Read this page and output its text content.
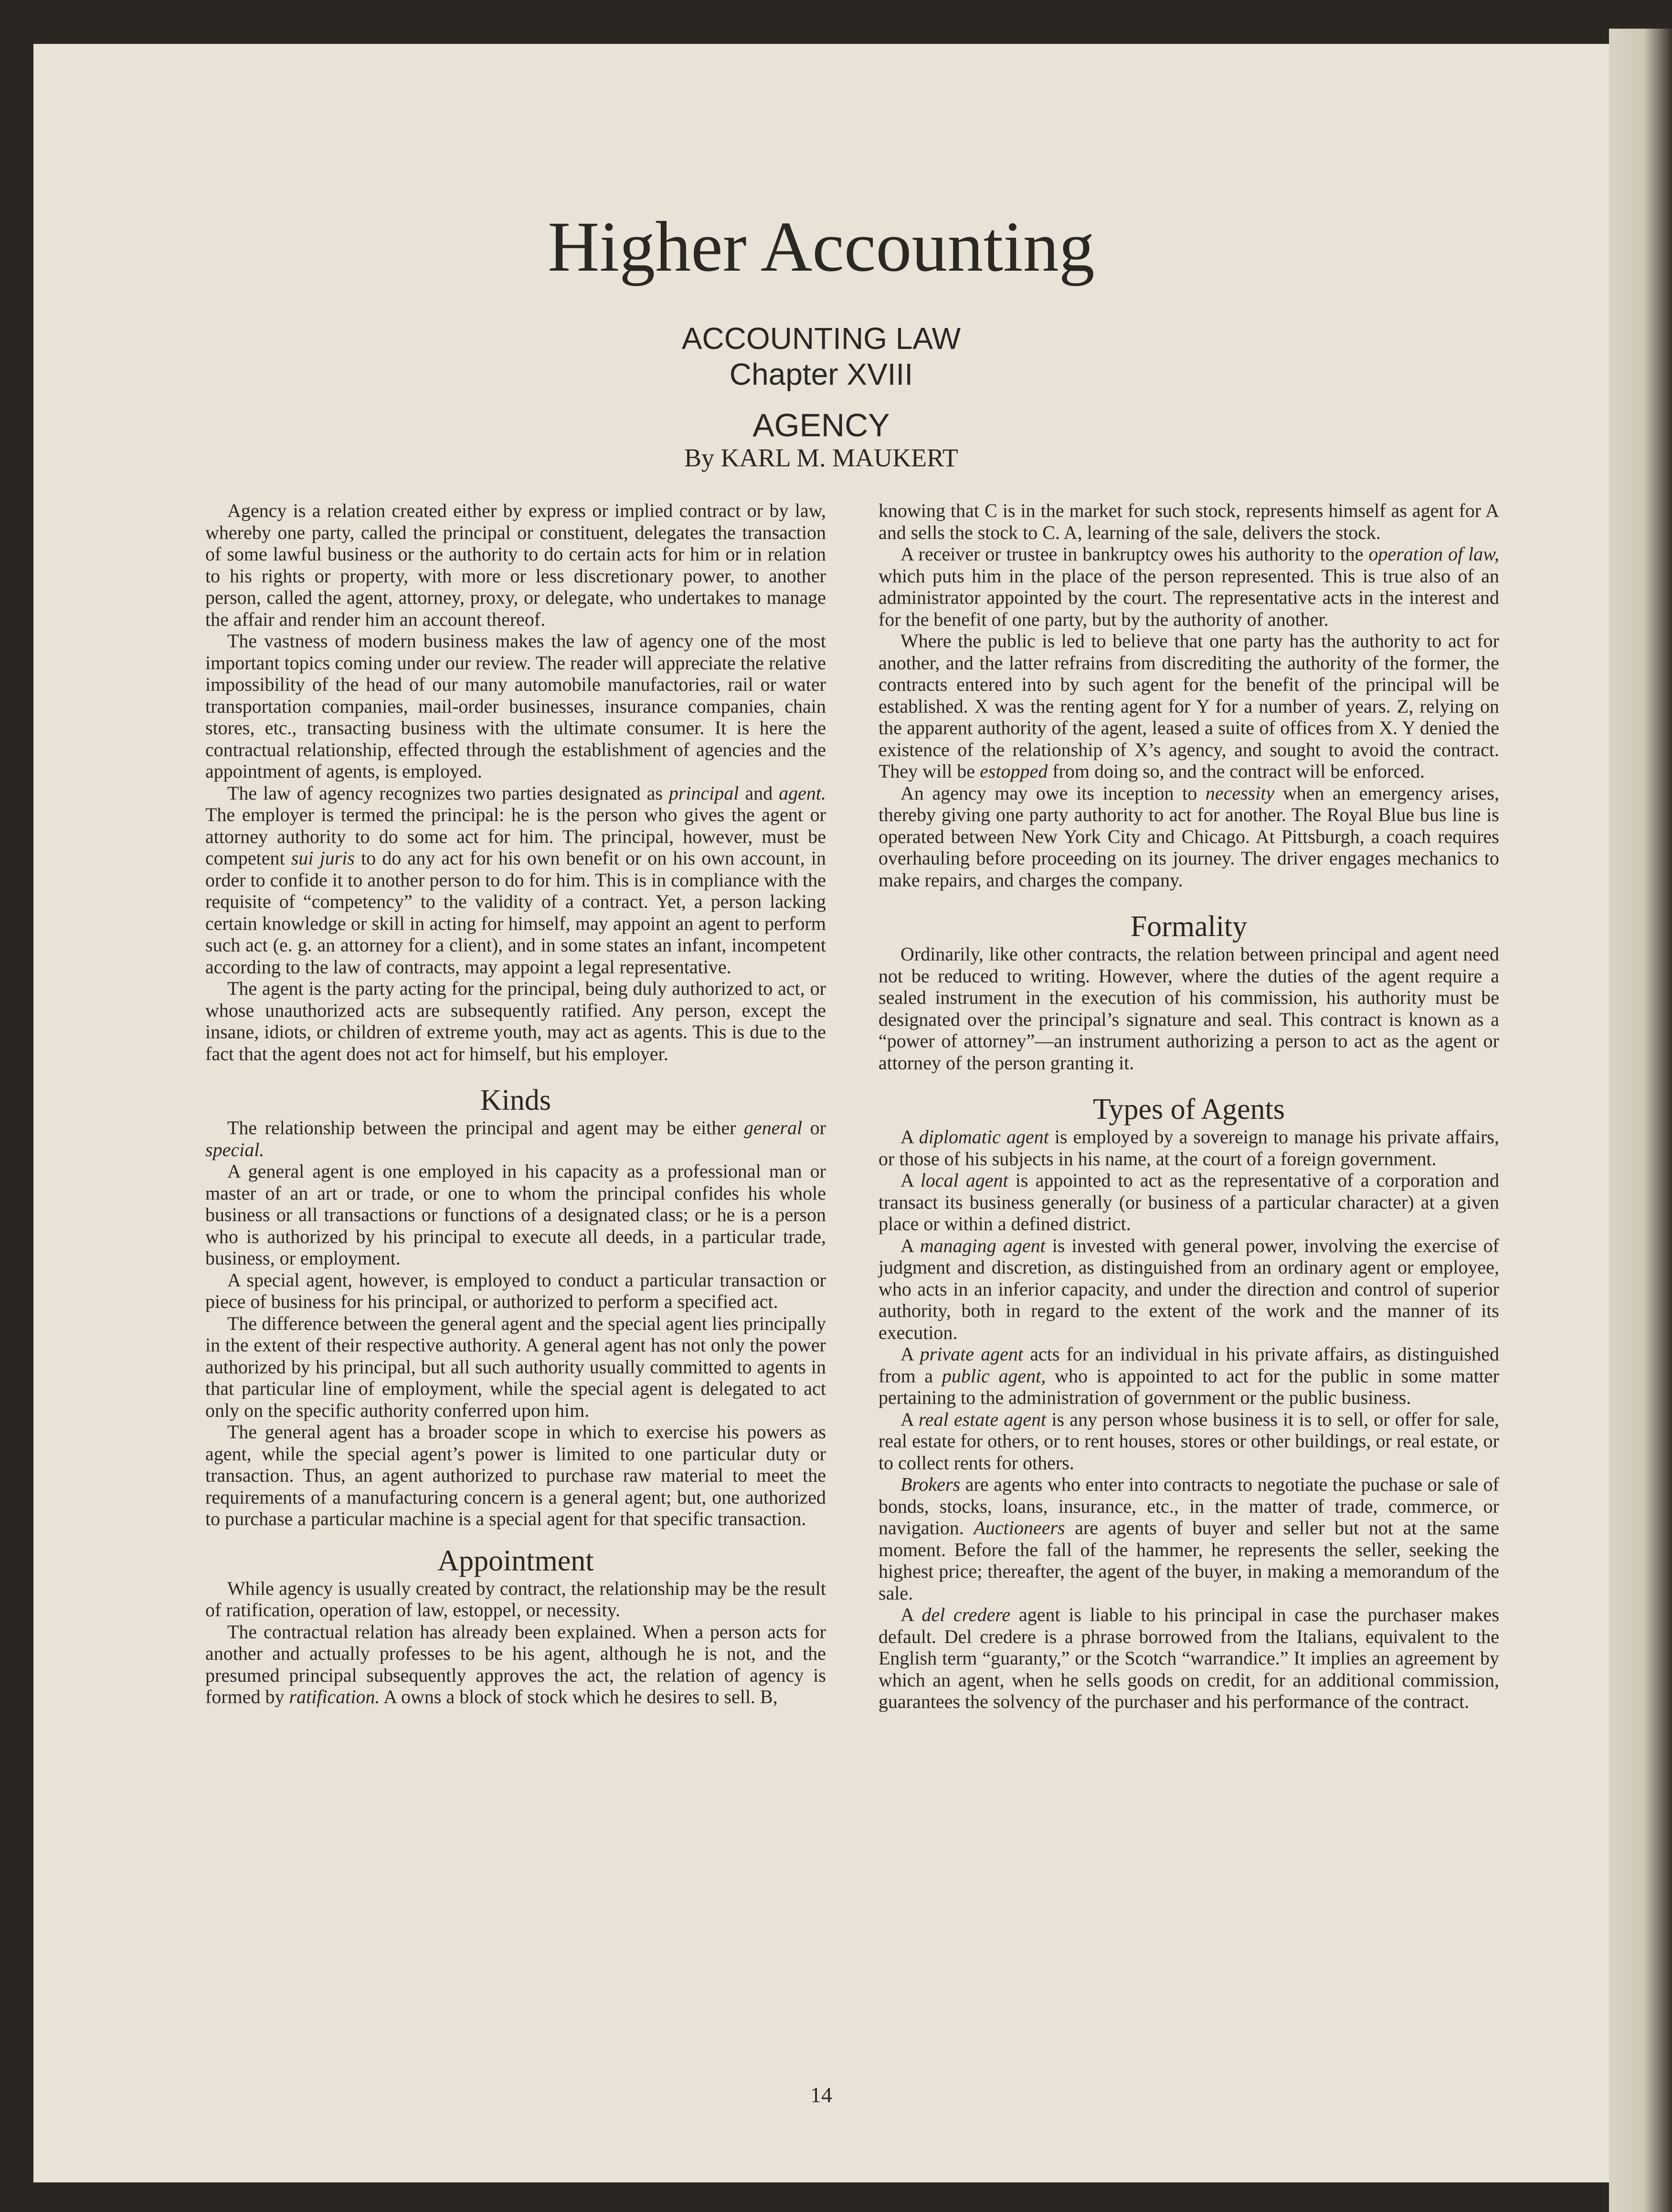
Higher Accounting
ACCOUNTING LAW
Chapter XVIII
AGENCY
By KARL M. MAUKERT

Agency is a relation created either by express or implied contract or by law, whereby one party, called the principal or constituent, delegates the transaction of some lawful business or the authority to do certain acts for him or in relation to his rights or property, with more or less discretionary power, to another person, called the agent, attorney, proxy, or delegate, who undertakes to manage the affair and render him an account thereof.

The vastness of modern business makes the law of agency one of the most important topics coming under our review. The reader will appreciate the relative impossibility of the head of our many automobile manufactories, rail or water transportation companies, mail-order businesses, insurance companies, chain stores, etc., transacting business with the ultimate consumer. It is here the contractual relationship, effected through the establishment of agencies and the appointment of agents, is employed.

The law of agency recognizes two parties designated as principal and agent. The employer is termed the principal: he is the person who gives the agent or attorney authority to do some act for him. The principal, however, must be competent sui juris to do any act for his own benefit or on his own account, in order to confide it to another person to do for him. This is in compliance with the requisite of “competency” to the validity of a contract. Yet, a person lacking certain knowledge or skill in acting for himself, may appoint an agent to perform such act (e. g. an attorney for a client), and in some states an infant, incompetent according to the law of contracts, may appoint a legal representative.

The agent is the party acting for the principal, being duly authorized to act, or whose unauthorized acts are subsequently ratified. Any person, except the insane, idiots, or children of extreme youth, may act as agents. This is due to the fact that the agent does not act for himself, but his employer.

Kinds

The relationship between the principal and agent may be either general or special.

A general agent is one employed in his capacity as a professional man or master of an art or trade, or one to whom the principal confides his whole business or all transactions or functions of a designated class; or he is a person who is authorized by his principal to execute all deeds, in a particular trade, business, or employment.

A special agent, however, is employed to conduct a particular transaction or piece of business for his principal, or authorized to perform a specified act.

The difference between the general agent and the special agent lies principally in the extent of their respective authority. A general agent has not only the power authorized by his principal, but all such authority usually committed to agents in that particular line of employment, while the special agent is delegated to act only on the specific authority conferred upon him.

The general agent has a broader scope in which to exercise his powers as agent, while the special agent’s power is limited to one particular duty or transaction. Thus, an agent authorized to purchase raw material to meet the requirements of a manufacturing concern is a general agent; but, one authorized to purchase a particular machine is a special agent for that specific transaction.

Appointment

While agency is usually created by contract, the relationship may be the result of ratification, operation of law, estoppel, or necessity.

The contractual relation has already been explained. When a person acts for another and actually professes to be his agent, although he is not, and the presumed principal subsequently approves the act, the relation of agency is formed by ratification. A owns a block of stock which he desires to sell. B,

knowing that C is in the market for such stock, represents himself as agent for A and sells the stock to C. A, learning of the sale, delivers the stock.

A receiver or trustee in bankruptcy owes his authority to the operation of law, which puts him in the place of the person represented. This is true also of an administrator appointed by the court. The representative acts in the interest and for the benefit of one party, but by the authority of another.

Where the public is led to believe that one party has the authority to act for another, and the latter refrains from discrediting the authority of the former, the contracts entered into by such agent for the benefit of the principal will be established. X was the renting agent for Y for a number of years. Z, relying on the apparent authority of the agent, leased a suite of offices from X. Y denied the existence of the relationship of X’s agency, and sought to avoid the contract. They will be estopped from doing so, and the contract will be enforced.

An agency may owe its inception to necessity when an emergency arises, thereby giving one party authority to act for another. The Royal Blue bus line is operated between New York City and Chicago. At Pittsburgh, a coach requires overhauling before proceeding on its journey. The driver engages mechanics to make repairs, and charges the company.

Formality

Ordinarily, like other contracts, the relation between principal and agent need not be reduced to writing. However, where the duties of the agent require a sealed instrument in the execution of his commission, his authority must be designated over the principal’s signature and seal. This contract is known as a “power of attorney”—an instrument authorizing a person to act as the agent or attorney of the person granting it.

Types of Agents

A diplomatic agent is employed by a sovereign to manage his private affairs, or those of his subjects in his name, at the court of a foreign government.

A local agent is appointed to act as the representative of a corporation and transact its business generally (or business of a particular character) at a given place or within a defined district.

A managing agent is invested with general power, involving the exercise of judgment and discretion, as distinguished from an ordinary agent or employee, who acts in an inferior capacity, and under the direction and control of superior authority, both in regard to the extent of the work and the manner of its execution.

A private agent acts for an individual in his private affairs, as distinguished from a public agent, who is appointed to act for the public in some matter pertaining to the administration of government or the public business.

A real estate agent is any person whose business it is to sell, or offer for sale, real estate for others, or to rent houses, stores or other buildings, or real estate, or to collect rents for others.

Brokers are agents who enter into contracts to negotiate the puchase or sale of bonds, stocks, loans, insurance, etc., in the matter of trade, commerce, or navigation. Auctioneers are agents of buyer and seller but not at the same moment. Before the fall of the hammer, he represents the seller, seeking the highest price; thereafter, the agent of the buyer, in making a memorandum of the sale.

A del credere agent is liable to his principal in case the purchaser makes default. Del credere is a phrase borrowed from the Italians, equivalent to the English term “guaranty,” or the Scotch “warrandice.” It implies an agreement by which an agent, when he sells goods on credit, for an additional commission, guarantees the solvency of the purchaser and his performance of the contract.

14
